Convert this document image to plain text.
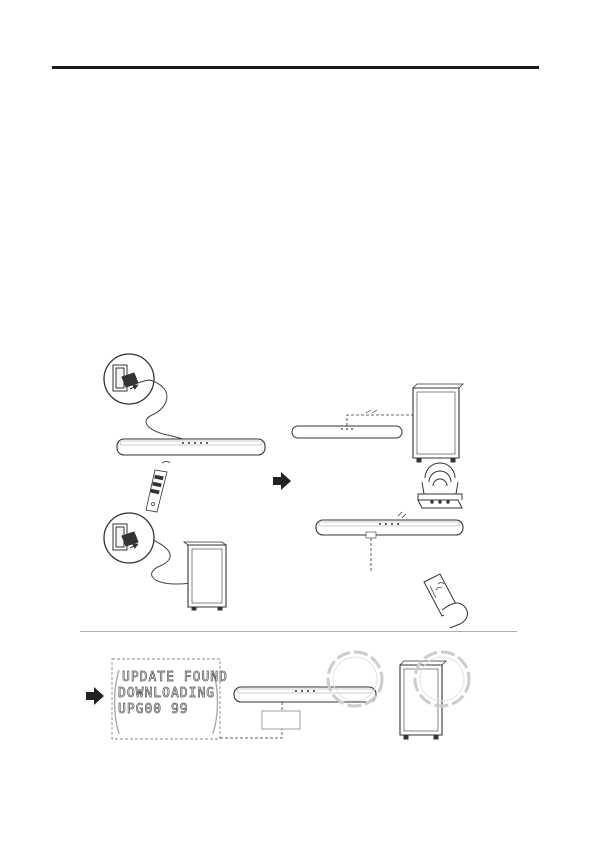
UPDATE FOUND
DOWNLOADING
UPG00 99
